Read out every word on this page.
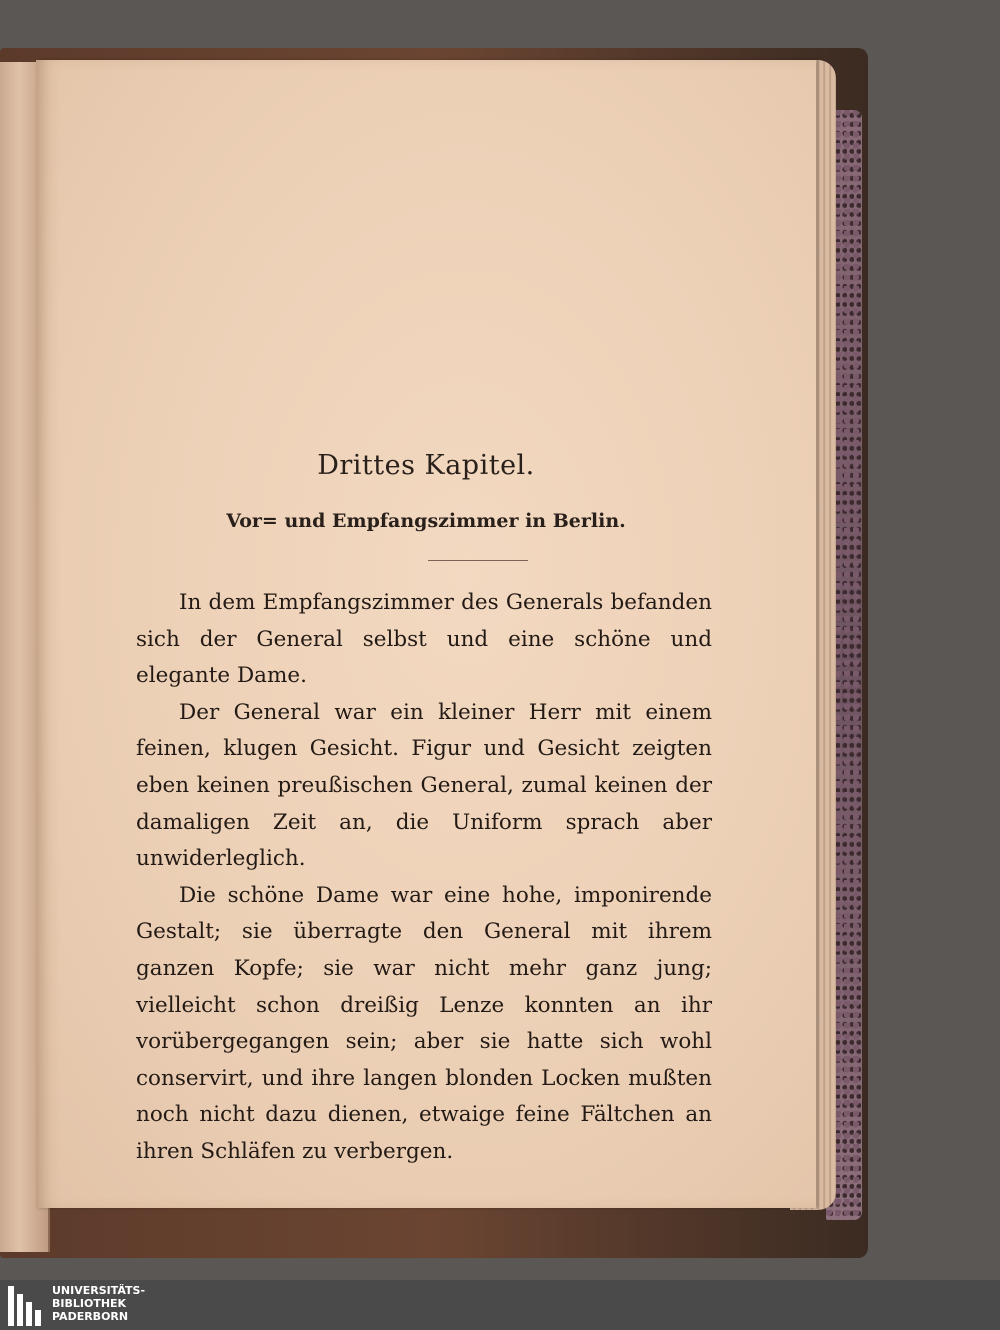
Drittes Kapitel.
Vor= und Empfangszimmer in Berlin.

In dem Empfangszimmer des Generals befanden sich der General selbst und eine schöne und elegante Dame.

Der General war ein kleiner Herr mit einem feinen, klugen Gesicht. Figur und Gesicht zeigten eben keinen preußischen General, zumal keinen der damaligen Zeit an, die Uniform sprach aber unwiderleglich.

Die schöne Dame war eine hohe, imponirende Gestalt; sie überragte den General mit ihrem ganzen Kopfe; sie war nicht mehr ganz jung; vielleicht schon dreißig Lenze konnten an ihr vorübergegangen sein; aber sie hatte sich wohl conservirt, und ihre langen blonden Locken mußten noch nicht dazu dienen, etwaige feine Fältchen an ihren Schläfen zu verbergen.

UNIVERSITÄTS-
BIBLIOTHEK
PADERBORN
